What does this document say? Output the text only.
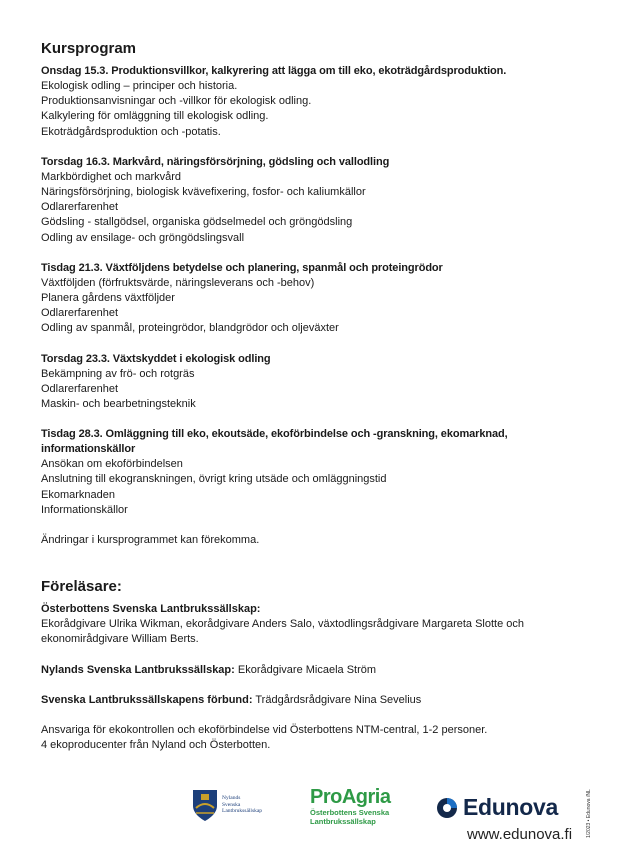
Kursprogram
Onsdag 15.3. Produktionsvillkor, kalkyrering att lägga om till eko, ekoträdgårdsproduktion.
Ekologisk odling – principer och historia.
Produktionsanvisningar och -villkor för ekologisk odling.
Kalkylering för omläggning till ekologisk odling.
Ekoträdgårdsproduktion och -potatis.
Torsdag 16.3. Markvård, näringsförsörjning, gödsling och vallodling
Markbördighet och markvård
Näringsförsörjning, biologisk kvävefixering, fosfor- och kaliumkällor
Odlarerfarenhet
Gödsling - stallgödsel, organiska gödselmedel och gröngödsling
Odling av ensilage- och gröngödslingsvall
Tisdag 21.3. Växtföljdens betydelse och planering, spanmål och proteingrödor
Växtföljden (förfruktsvärde, näringsleverans och -behov)
Planera gårdens växtföljder
Odlarerfarenhet
Odling av spanmål, proteingrödor, blandgrödor och oljeväxter
Torsdag 23.3. Växtskyddet i ekologisk odling
Bekämpning av frö- och rotgräs
Odlarerfarenhet
Maskin- och bearbetningsteknik
Tisdag 28.3. Omläggning till eko, ekoutsäde, ekoförbindelse och -granskning, ekomarknad, informationskällor
Ansökan om ekoförbindelsen
Anslutning till ekogranskningen, övrigt kring utsäde och omläggningstid
Ekomarknaden
Informationskällor
Ändringar i kursprogrammet kan förekomma.
Föreläsare:
Österbottens Svenska Lantbrukssällskap:
Ekorådgivare Ulrika Wikman, ekorådgivare Anders Salo, växtodlingsrådgivare Margareta Slotte och ekonomirådgivare William Berts.
Nylands Svenska Lantbrukssällskap: Ekorådgivare Micaela Ström
Svenska Lantbrukssällskapens förbund: Trädgårdsrådgivare Nina Sevelius
Ansvariga för ekokontrollen och ekoförbindelse vid Österbottens NTM-central, 1-2 personer.
4 ekoproducenter från Nyland och Österbotten.
Nylands
Svenska
Lantbrukssällskap
ProAgria
Österbottens Svenska
Lantbrukssällskap
Edunova
www.edunova.fi	1/2023 • Edunova /NL
